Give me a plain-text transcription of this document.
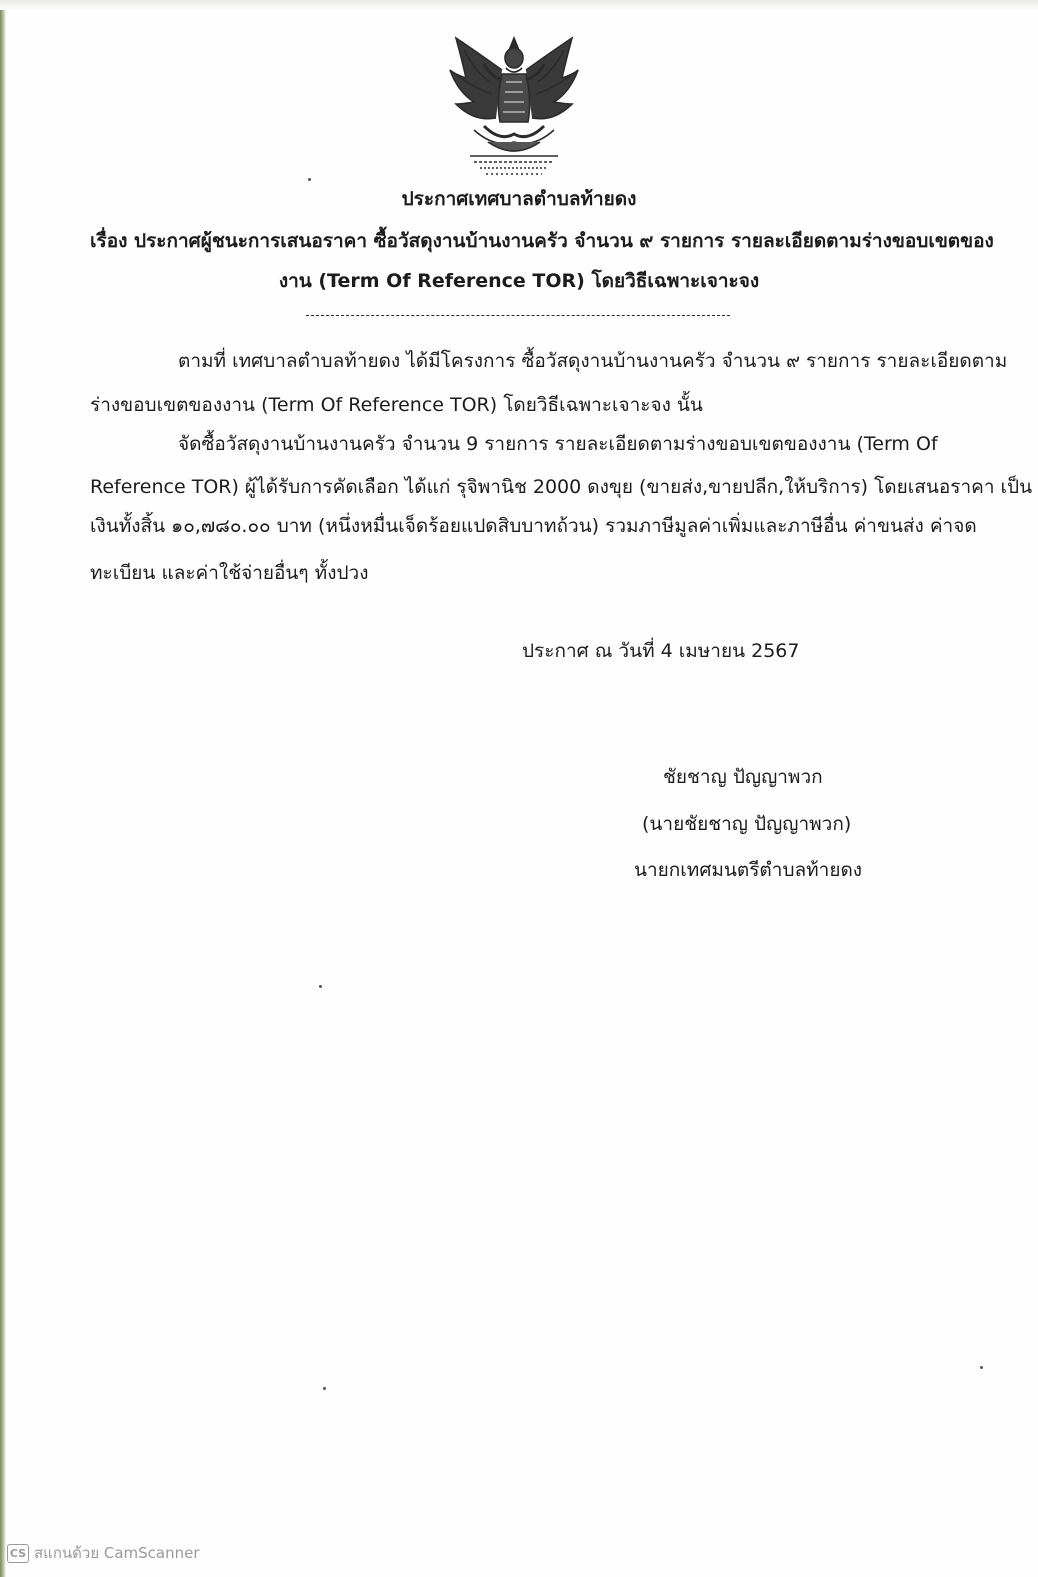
ประกาศเทศบาลตำบลท้ายดง
เรื่อง ประกาศผู้ชนะการเสนอราคา ซื้อวัสดุงานบ้านงานครัว จำนวน ๙ รายการ รายละเอียดตามร่างขอบเขตของ
งาน (Term Of Reference TOR) โดยวิธีเฉพาะเจาะจง
ตามที่ เทศบาลตำบลท้ายดง ได้มีโครงการ ซื้อวัสดุงานบ้านงานครัว จำนวน ๙ รายการ รายละเอียดตาม
ร่างขอบเขตของงาน (Term Of Reference TOR) โดยวิธีเฉพาะเจาะจง นั้น
จัดซื้อวัสดุงานบ้านงานครัว จำนวน 9 รายการ รายละเอียดตามร่างขอบเขตของงาน (Term Of
Reference TOR) ผู้ได้รับการคัดเลือก ได้แก่ รุจิพานิช 2000 ดงขุย (ขายส่ง,ขายปลีก,ให้บริการ) โดยเสนอราคา เป็น
เงินทั้งสิ้น ๑๐,๗๘๐.๐๐ บาท (หนึ่งหมื่นเจ็ดร้อยแปดสิบบาทถ้วน) รวมภาษีมูลค่าเพิ่มและภาษีอื่น ค่าขนส่ง ค่าจด
ทะเบียน และค่าใช้จ่ายอื่นๆ ทั้งปวง
ประกาศ ณ วันที่ 4 เมษายน 2567
ชัยชาญ ปัญญาพวก
(นายชัยชาญ ปัญญาพวก)
นายกเทศมนตรีตำบลท้ายดง
CS สแกนด้วย CamScanner
